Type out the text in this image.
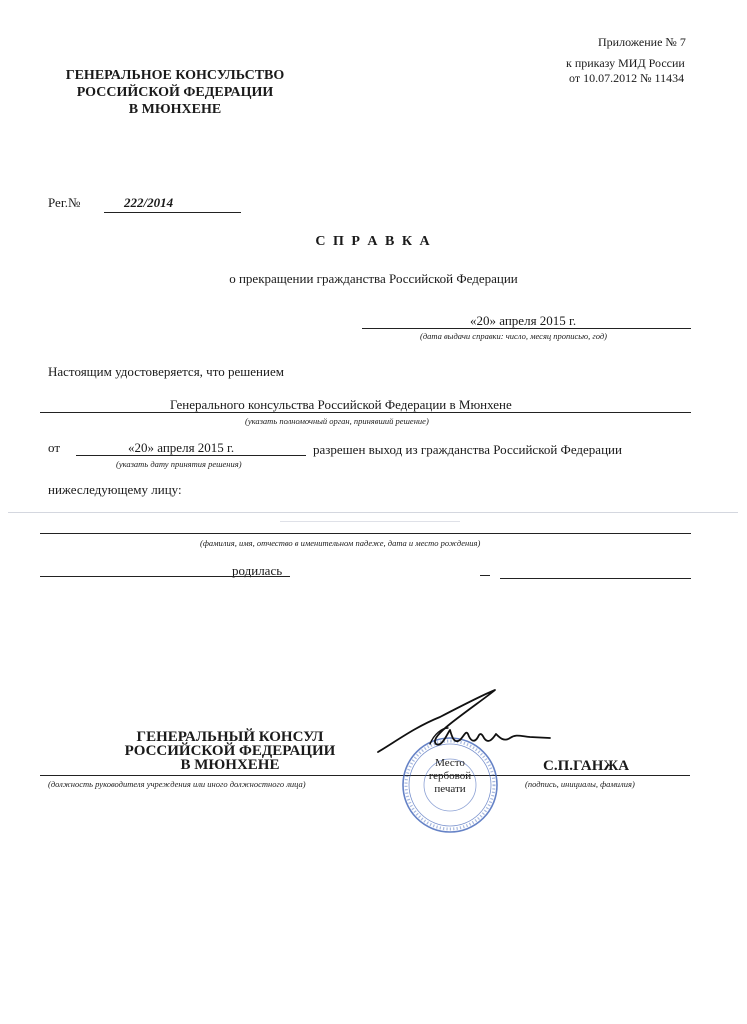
Приложение № 7
к приказу МИД России
от 10.07.2012 № 11434
ГЕНЕРАЛЬНОЕ КОНСУЛЬСТВО
РОССИЙСКОЙ ФЕДЕРАЦИИ
В МЮНХЕНЕ
Рег.№	222/2014
С П Р А В К А
о прекращении гражданства Российской Федерации
«20» апреля 2015 г.
(дата выдачи справки: число, месяц прописью, год)
Настоящим удостоверяется, что решением
Генерального консульства Российской Федерации в Мюнхене
(указать полномочный орган, принявший решение)
от	«20» апреля 2015 г.	разрешен выход из гражданства Российской Федерации
(указать дату принятия решения)
нижеследующему лицу:
(фамилия, имя, отчество в именительном падеже, дата и место рождения)
родилась
ГЕНЕРАЛЬНЫЙ КОНСУЛ
РОССИЙСКОЙ ФЕДЕРАЦИИ
В МЮНХЕНЕ
(должность руководителя учреждения или иного должностного лица)
Место
гербовой
печати
С.П.ГАНЖА
(подпись, инициалы, фамилия)
